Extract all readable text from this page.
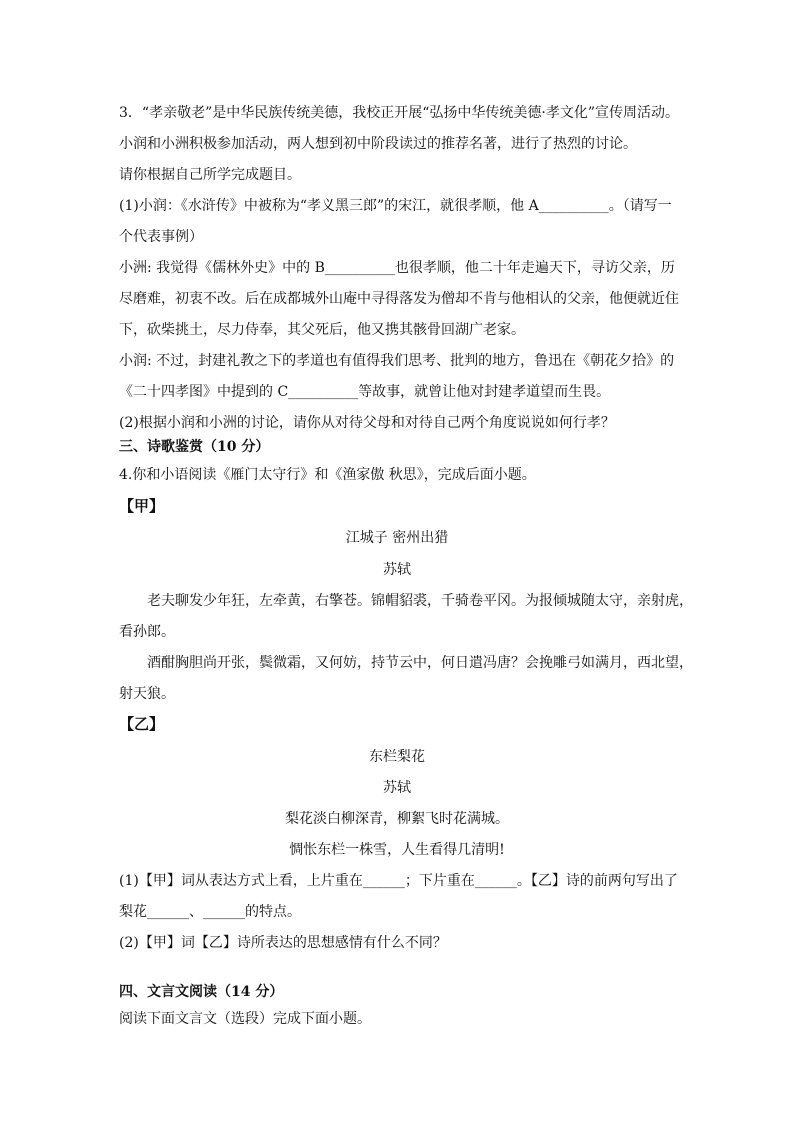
3．“孝亲敬老”是中华民族传统美德，我校正开展“弘扬中华传统美德·孝文化”宣传周活动。
小润和小洲积极参加活动，两人想到初中阶段读过的推荐名著，进行了热烈的讨论。
请你根据自己所学完成题目。
(1)小润：《水浒传》中被称为“孝义黑三郎”的宋江，就很孝顺，他 A__________。（请写一
个代表事例）
小洲: 我觉得《儒林外史》中的 B__________也很孝顺，他二十年走遍天下，寻访父亲，历
尽磨难，初衷不改。后在成都城外山庵中寻得落发为僧却不肯与他相认的父亲，他便就近住
下，砍柴挑土，尽力侍奉，其父死后，他又携其骸骨回湖广老家。
小润: 不过，封建礼教之下的孝道也有值得我们思考、批判的地方，鲁迅在《朝花夕拾》的
《二十四孝图》中提到的 C__________等故事，就曾让他对封建孝道望而生畏。
(2)根据小润和小洲的讨论，请你从对待父母和对待自己两个角度说说如何行孝？
三、诗歌鉴赏（10 分）
4.你和小语阅读《雁门太守行》和《渔家傲 秋思》，完成后面小题。
【甲】
江城子 密州出猎
苏轼
老夫聊发少年狂，左牵黄，右擎苍。锦帽貂裘，千骑卷平冈。为报倾城随太守，亲射虎，
看孙郎。
酒酣胸胆尚开张，鬓微霜，又何妨，持节云中，何日遣冯唐？会挽雕弓如满月，西北望，
射天狼。
【乙】
东栏梨花
苏轼
梨花淡白柳深青，柳絮飞时花满城。
惆怅东栏一株雪，人生看得几清明!
(1)【甲】词从表达方式上看，上片重在______；下片重在______。【乙】诗的前两句写出了
梨花______、______的特点。
(2)【甲】词【乙】诗所表达的思想感情有什么不同？
四、文言文阅读（14 分）
阅读下面文言文（选段）完成下面小题。
